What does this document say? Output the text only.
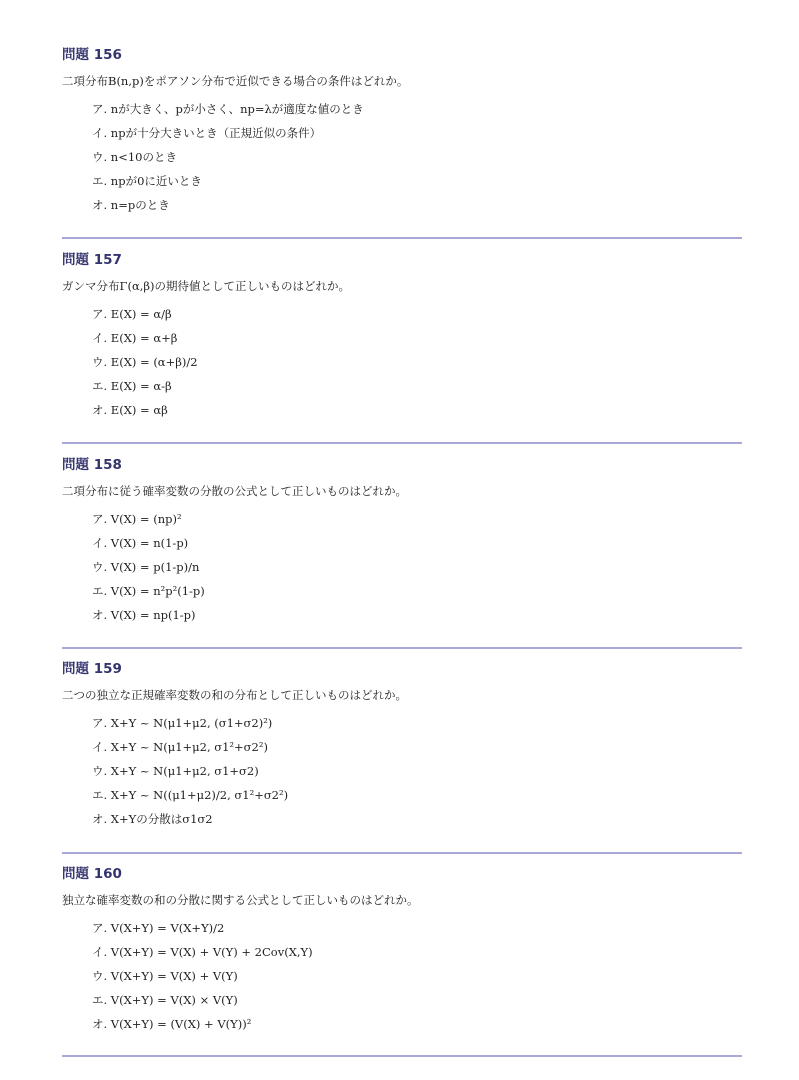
問題 156
二項分布B(n,p)をポアソン分布で近似できる場合の条件はどれか。
ア. nが大きく、pが小さく、np=λが適度な値のとき
イ. npが十分大きいとき（正規近似の条件）
ウ. n<10のとき
エ. npが0に近いとき
オ. n=pのとき
問題 157
ガンマ分布Γ(α,β)の期待値として正しいものはどれか。
ア. E(X) = α/β
イ. E(X) = α+β
ウ. E(X) = (α+β)/2
エ. E(X) = α-β
オ. E(X) = αβ
問題 158
二項分布に従う確率変数の分散の公式として正しいものはどれか。
ア. V(X) = (np)²
イ. V(X) = n(1-p)
ウ. V(X) = p(1-p)/n
エ. V(X) = n²p²(1-p)
オ. V(X) = np(1-p)
問題 159
二つの独立な正規確率変数の和の分布として正しいものはどれか。
ア. X+Y ~ N(μ1+μ2, (σ1+σ2)²)
イ. X+Y ~ N(μ1+μ2, σ1²+σ2²)
ウ. X+Y ~ N(μ1+μ2, σ1+σ2)
エ. X+Y ~ N((μ1+μ2)/2, σ1²+σ2²)
オ. X+Yの分散はσ1σ2
問題 160
独立な確率変数の和の分散に関する公式として正しいものはどれか。
ア. V(X+Y) = V(X+Y)/2
イ. V(X+Y) = V(X) + V(Y) + 2Cov(X,Y)
ウ. V(X+Y) = V(X) + V(Y)
エ. V(X+Y) = V(X) × V(Y)
オ. V(X+Y) = (V(X) + V(Y))²
